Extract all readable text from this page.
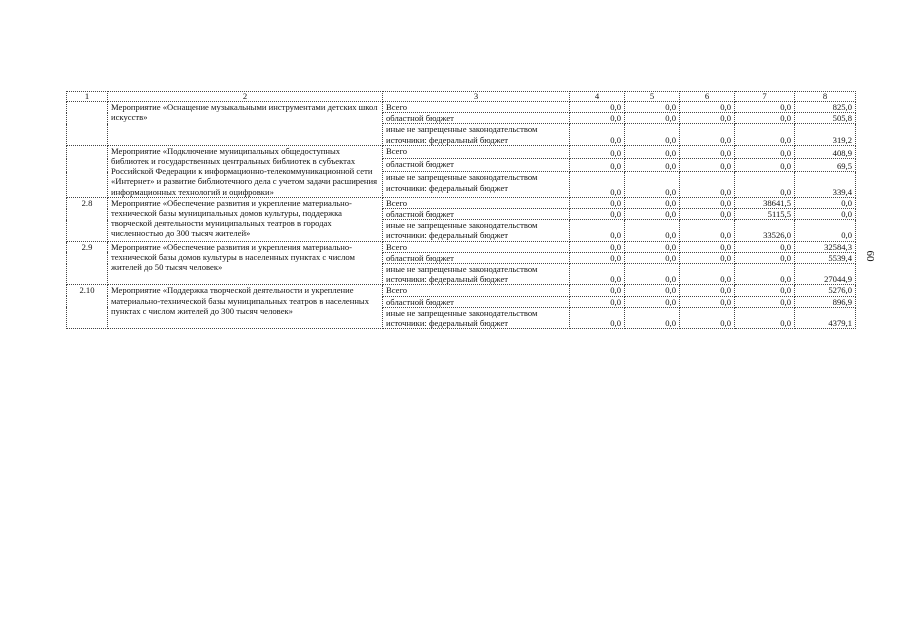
1	2	3	4	5	6	7	8
	Мероприятие «Оснащение музыкальными инструментами детских школ искусств»	Всего	0,0	0,0	0,0	0,0	825,0
		областной бюджет	0,0	0,0	0,0	0,0	505,8
		иные не запрещенные законодательством источники: федеральный бюджет	0,0	0,0	0,0	0,0	319,2
	Мероприятие «Подключение муниципальных общедоступных библиотек и государственных центральных библиотек в субъектах Российской Федерации к информационно-телекоммуникационной сети «Интернет» и развитие библиотечного дела с учетом задачи расширения информационных технологий и оцифровки»	Всего	0,0	0,0	0,0	0,0	408,9
		областной бюджет	0,0	0,0	0,0	0,0	69,5
		иные не запрещенные законодательством источники: федеральный бюджет	0,0	0,0	0,0	0,0	339,4
2.8	Мероприятие «Обеспечение развития и укрепление материально-технической базы муниципальных домов культуры, поддержка творческой деятельности муниципальных театров в городах численностью до 300 тысяч жителей»	Всего	0,0	0,0	0,0	38641,5	0,0
		областной бюджет	0,0	0,0	0,0	5115,5	0,0
		иные не запрещенные законодательством источники: федеральный бюджет	0,0	0,0	0,0	33526,0	0,0
2.9	Мероприятие «Обеспечение развития и укрепления материально-технической базы домов культуры в населенных пунктах с числом жителей до 50 тысяч человек»	Всего	0,0	0,0	0,0	0,0	32584,3
		областной бюджет	0,0	0,0	0,0	0,0	5539,4
		иные не запрещенные законодательством источники: федеральный бюджет	0,0	0,0	0,0	0,0	27044,9
2.10	Мероприятие «Поддержка творческой деятельности и укрепление материально-технической базы муниципальных театров в населенных пунктах с числом жителей до 300 тысяч человек»	Всего	0,0	0,0	0,0	0,0	5276,0
		областной бюджет	0,0	0,0	0,0	0,0	896,9
		иные не запрещенные законодательством источники: федеральный бюджет	0,0	0,0	0,0	0,0	4379,1
60
